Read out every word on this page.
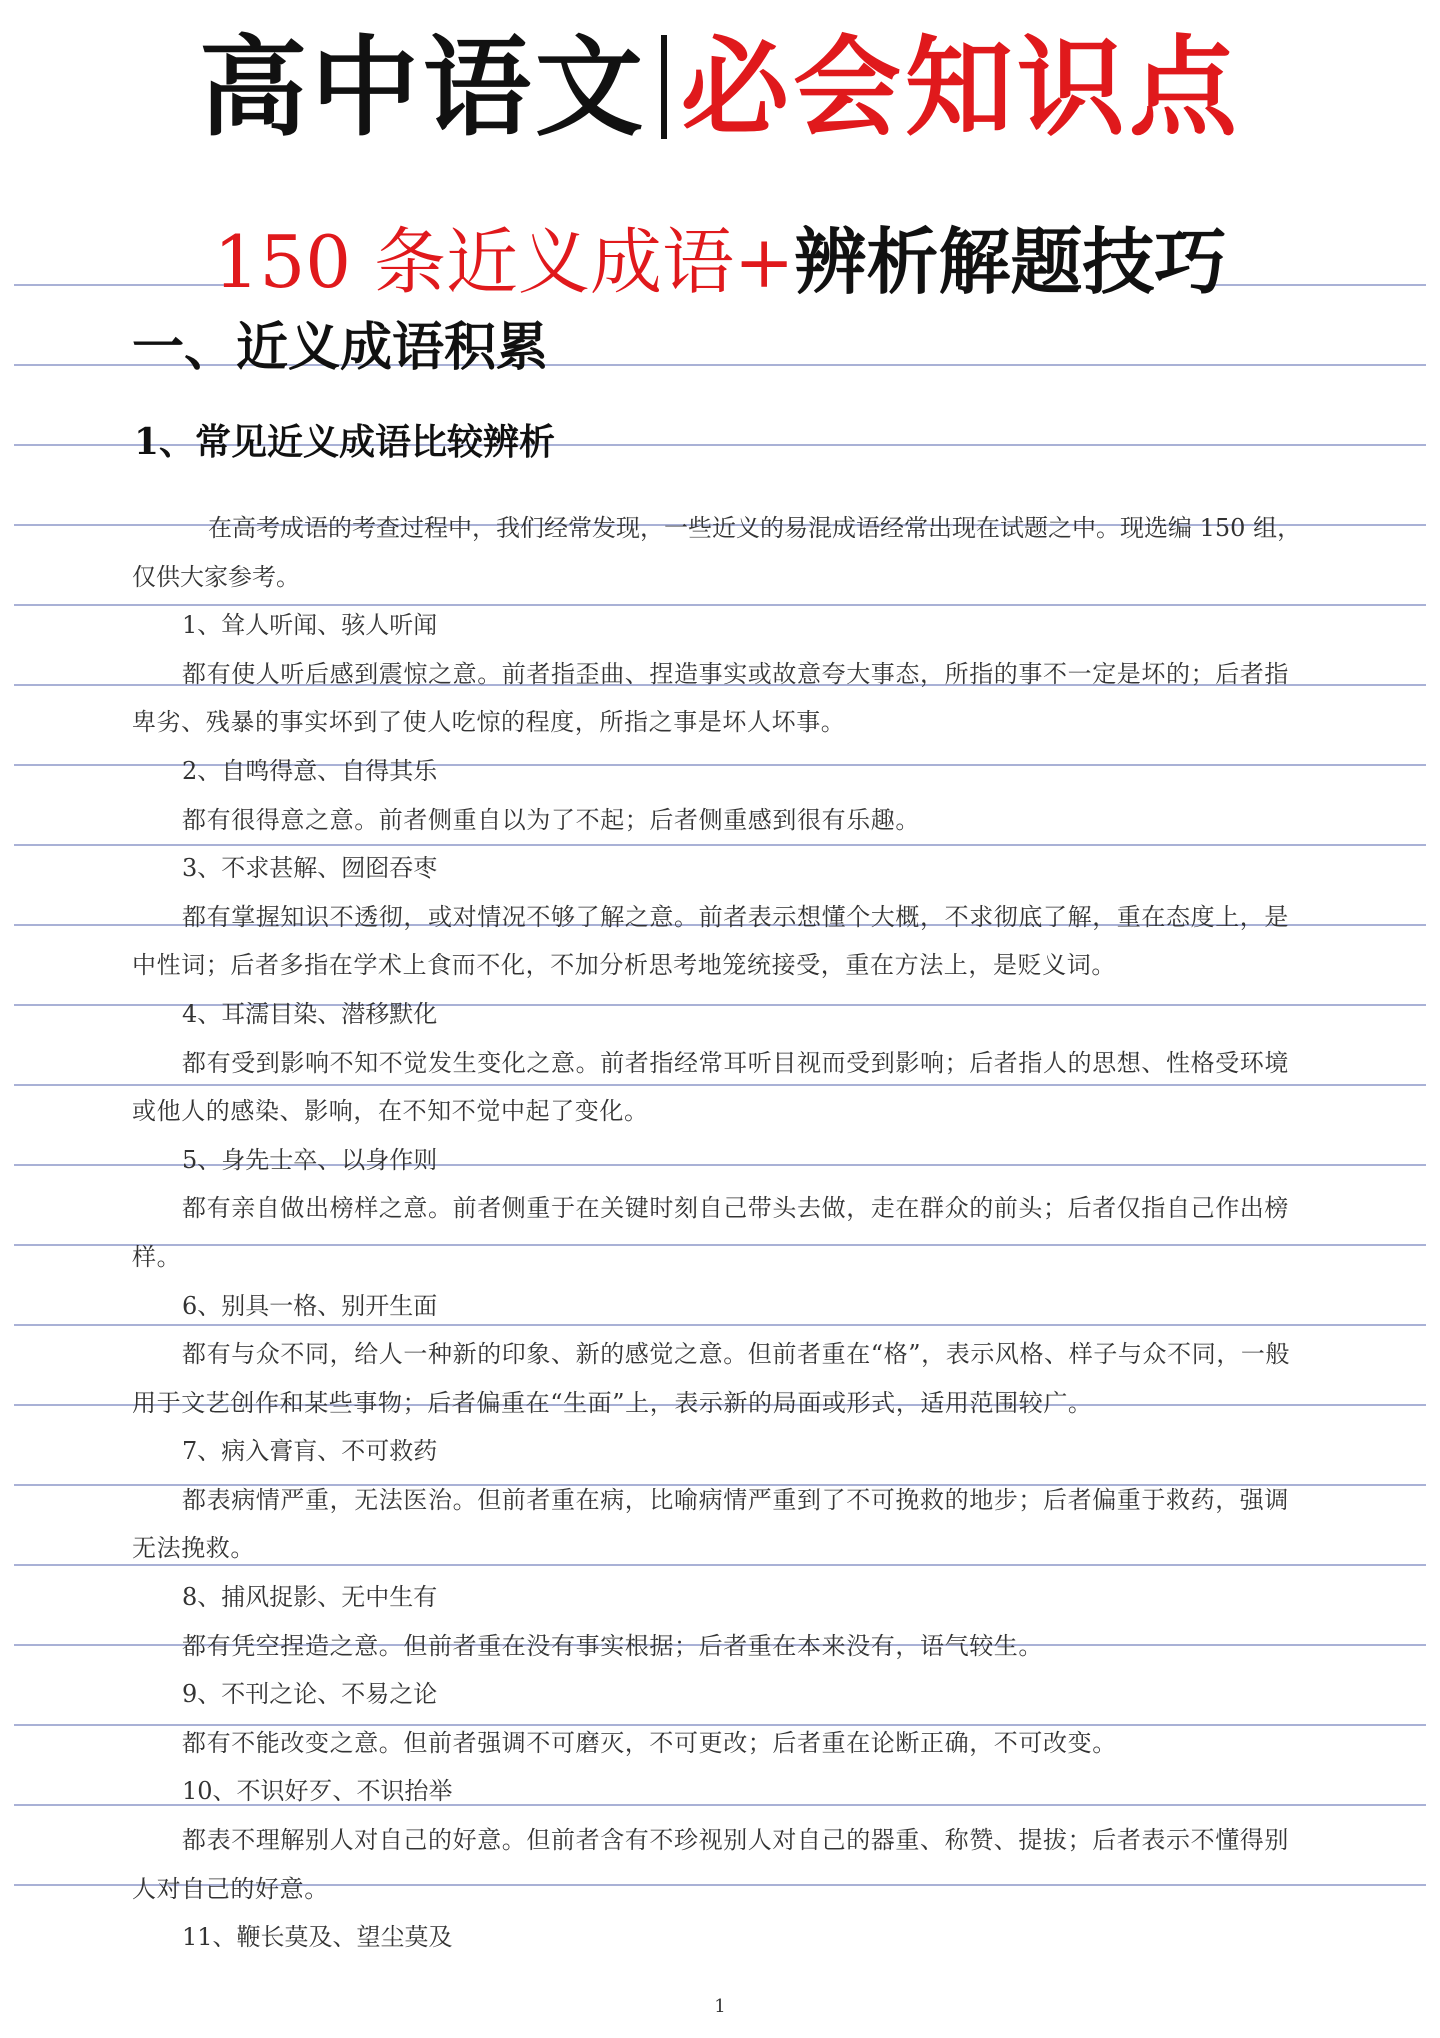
高中语文 必会知识点
150 条近义成语+辨析解题技巧
一、近义成语积累
1、常见近义成语比较辨析

在高考成语的考查过程中，我们经常发现，一些近义的易混成语经常出现在试题之中。现选编 150 组，仅供大家参考。

1、耸人听闻、骇人听闻

都有使人听后感到震惊之意。前者指歪曲、捏造事实或故意夸大事态，所指的事不一定是坏的；后者指卑劣、残暴的事实坏到了使人吃惊的程度，所指之事是坏人坏事。

2、自鸣得意、自得其乐

都有很得意之意。前者侧重自以为了不起；后者侧重感到很有乐趣。

3、不求甚解、囫囵吞枣

都有掌握知识不透彻，或对情况不够了解之意。前者表示想懂个大概，不求彻底了解，重在态度上，是中性词；后者多指在学术上食而不化，不加分析思考地笼统接受，重在方法上，是贬义词。

4、耳濡目染、潜移默化

都有受到影响不知不觉发生变化之意。前者指经常耳听目视而受到影响；后者指人的思想、性格受环境或他人的感染、影响，在不知不觉中起了变化。

5、身先士卒、以身作则

都有亲自做出榜样之意。前者侧重于在关键时刻自己带头去做，走在群众的前头；后者仅指自己作出榜样。

6、别具一格、别开生面

都有与众不同，给人一种新的印象、新的感觉之意。但前者重在“格”，表示风格、样子与众不同，一般用于文艺创作和某些事物；后者偏重在“生面”上，表示新的局面或形式，适用范围较广。

7、病入膏肓、不可救药

都表病情严重，无法医治。但前者重在病，比喻病情严重到了不可挽救的地步；后者偏重于救药，强调无法挽救。

8、捕风捉影、无中生有

都有凭空捏造之意。但前者重在没有事实根据；后者重在本来没有，语气较生。

9、不刊之论、不易之论

都有不能改变之意。但前者强调不可磨灭，不可更改；后者重在论断正确，不可改变。

10、不识好歹、不识抬举

都表不理解别人对自己的好意。但前者含有不珍视别人对自己的器重、称赞、提拔；后者表示不懂得别人对自己的好意。

11、鞭长莫及、望尘莫及

1
